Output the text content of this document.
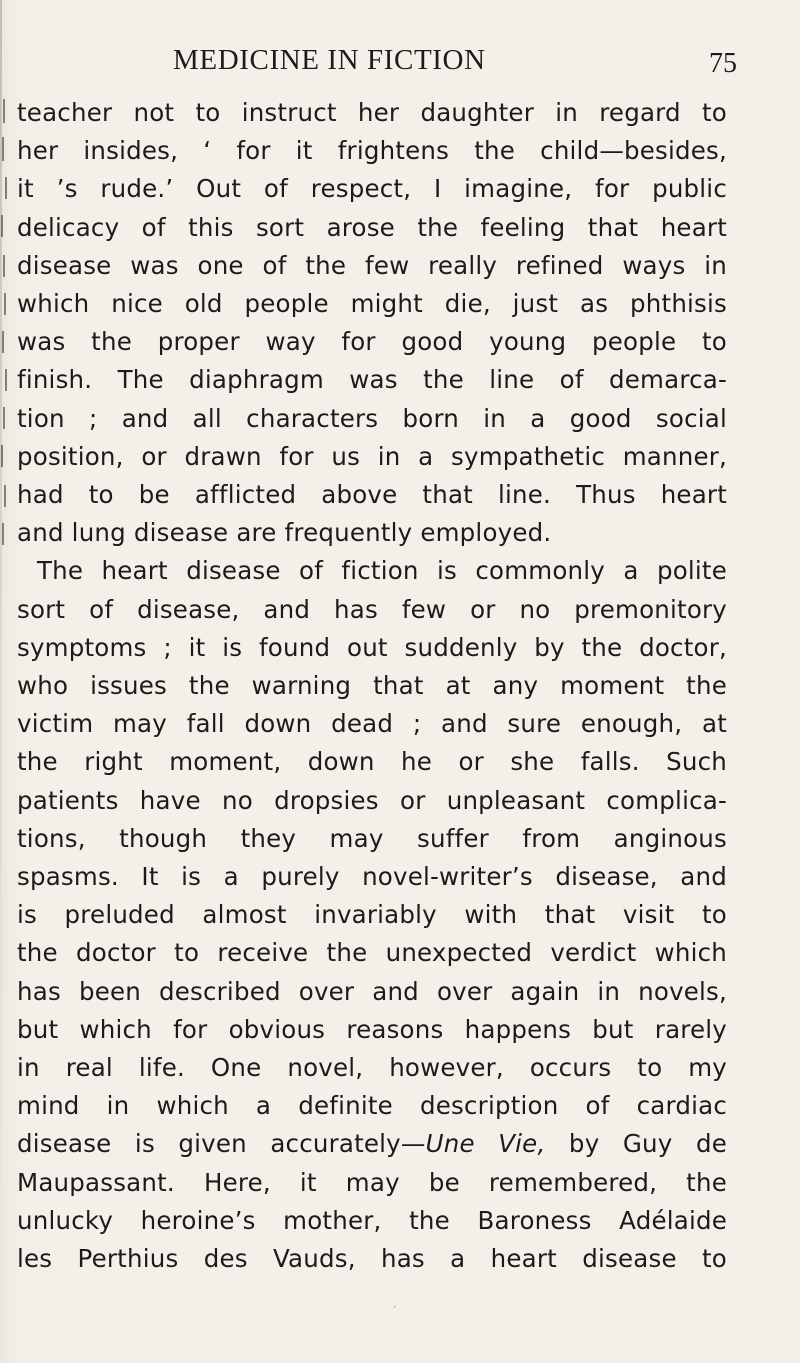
MEDICINE IN FICTION	75
teacher not to instruct her daughter in regard to
her insides, ‘ for it frightens the child—besides,
it ’s rude.’ Out of respect, I imagine, for public
delicacy of this sort arose the feeling that heart
disease was one of the few really refined ways in
which nice old people might die, just as phthisis
was the proper way for good young people to
finish. The diaphragm was the line of demarca-
tion ; and all characters born in a good social
position, or drawn for us in a sympathetic manner,
had to be afflicted above that line. Thus heart
and lung disease are frequently employed.
The heart disease of fiction is commonly a polite
sort of disease, and has few or no premonitory
symptoms ; it is found out suddenly by the doctor,
who issues the warning that at any moment the
victim may fall down dead ; and sure enough, at
the right moment, down he or she falls. Such
patients have no dropsies or unpleasant complica-
tions, though they may suffer from anginous
spasms. It is a purely novel-writer’s disease, and
is preluded almost invariably with that visit to
the doctor to receive the unexpected verdict which
has been described over and over again in novels,
but which for obvious reasons happens but rarely
in real life. One novel, however, occurs to my
mind in which a definite description of cardiac
disease is given accurately—Une Vie, by Guy de
Maupassant. Here, it may be remembered, the
unlucky heroine’s mother, the Baroness Adélaide
les Perthius des Vauds, has a heart disease to
‘
